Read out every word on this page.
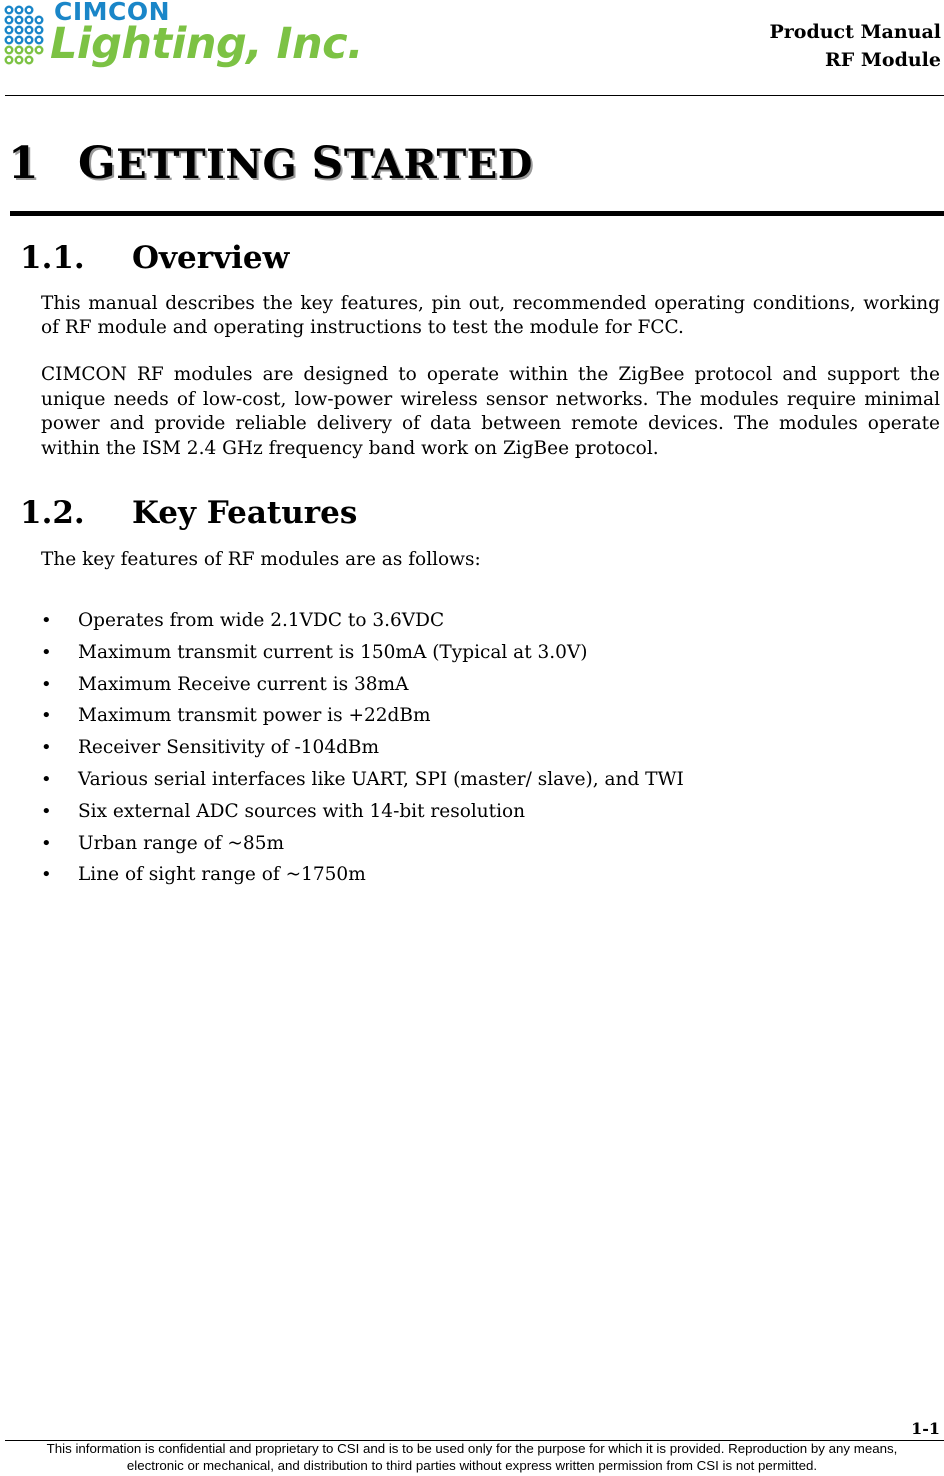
CIMCON
Lighting, Inc.	Product Manual
RF Module
1 GETTING STARTED
1.1. Overview

This manual describes the key features, pin out, recommended operating conditions, working of RF module and operating instructions to test the module for FCC.

CIMCON RF modules are designed to operate within the ZigBee protocol and support the unique needs of low-cost, low-power wireless sensor networks. The modules require minimal power and provide reliable delivery of data between remote devices. The modules operate within the ISM 2.4 GHz frequency band work on ZigBee protocol.

1.2. Key Features

The key features of RF modules are as follows:

• Operates from wide 2.1VDC to 3.6VDC
• Maximum transmit current is 150mA (Typical at 3.0V)
• Maximum Receive current is 38mA
• Maximum transmit power is +22dBm
• Receiver Sensitivity of -104dBm
• Various serial interfaces like UART, SPI (master/ slave), and TWI
• Six external ADC sources with 14-bit resolution
• Urban range of ~85m
• Line of sight range of ~1750m
1-1
This information is confidential and proprietary to CSI and is to be used only for the purpose for which it is provided. Reproduction by any means,
electronic or mechanical, and distribution to third parties without express written permission from CSI is not permitted.
